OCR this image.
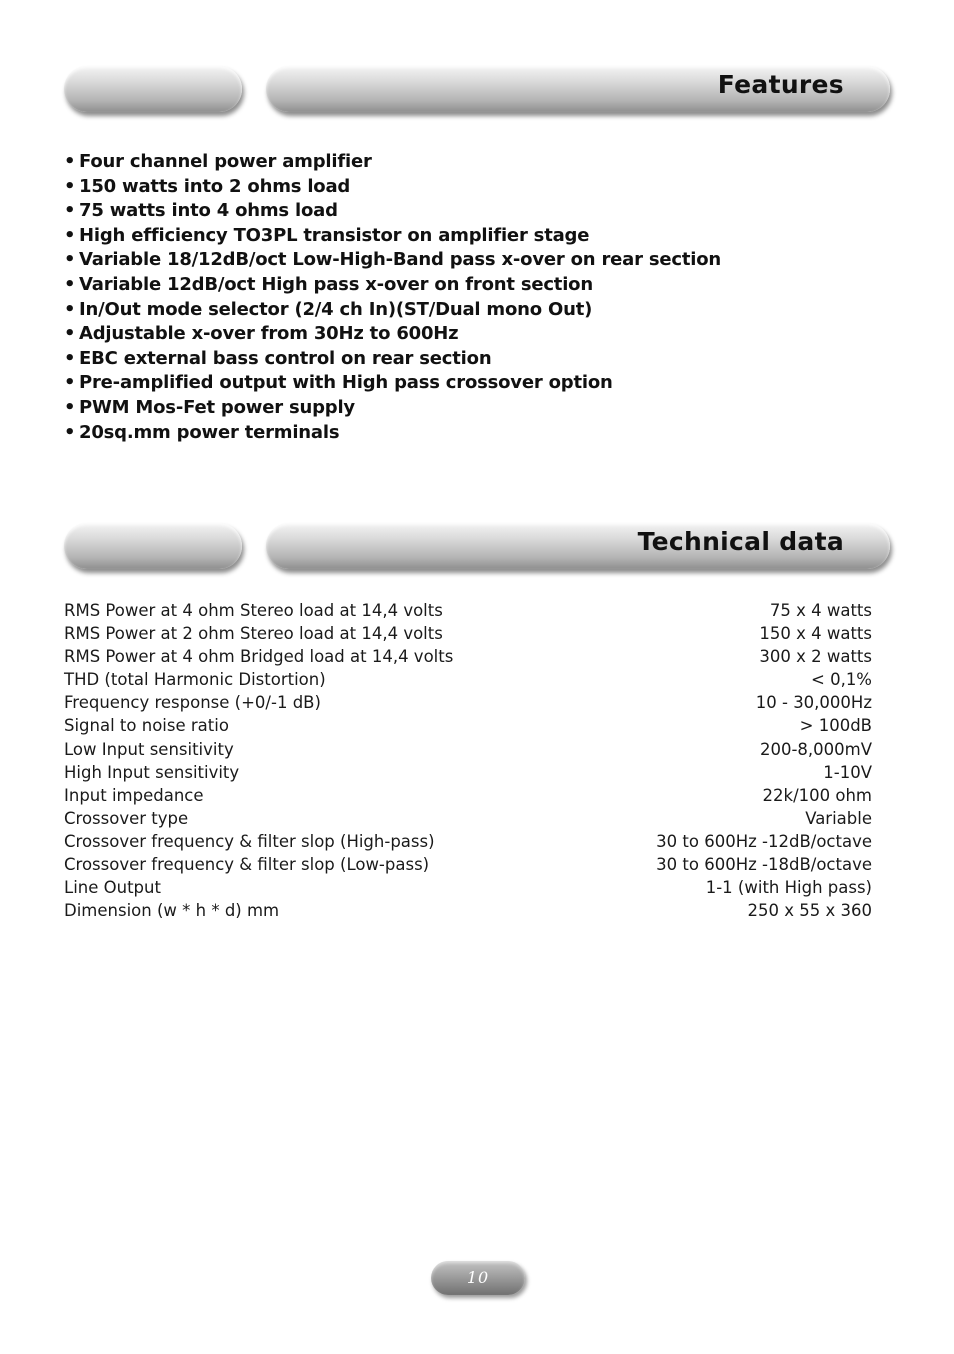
Features
• Four channel power amplifier
• 150 watts into 2 ohms load
• 75 watts into 4 ohms load
• High efficiency TO3PL transistor on amplifier stage
• Variable 18/12dB/oct Low-High-Band pass x-over on rear section
• Variable 12dB/oct High pass x-over on front section
• In/Out mode selector (2/4 ch In)(ST/Dual mono Out)
• Adjustable x-over from 30Hz to 600Hz
• EBC external bass control on rear section
• Pre-amplified output with High pass crossover option
• PWM Mos-Fet power supply
• 20sq.mm power terminals
Technical data
RMS Power at 4 ohm Stereo load at 14,4 volts	75 x 4 watts
RMS Power at 2 ohm Stereo load at 14,4 volts	150 x 4 watts
RMS Power at 4 ohm Bridged load at 14,4 volts	300 x 2 watts
THD (total Harmonic Distortion)	< 0,1%
Frequency response (+0/-1 dB)	10 - 30,000Hz
Signal to noise ratio	> 100dB
Low Input sensitivity	200-8,000mV
High Input sensitivity	1-10V
Input impedance	22k/100 ohm
Crossover type	Variable
Crossover frequency & filter slop (High-pass)	30 to 600Hz -12dB/octave
Crossover frequency & filter slop (Low-pass)	30 to 600Hz -18dB/octave
Line Output	1-1 (with High pass)
Dimension (w * h * d) mm	250 x 55 x 360
10
